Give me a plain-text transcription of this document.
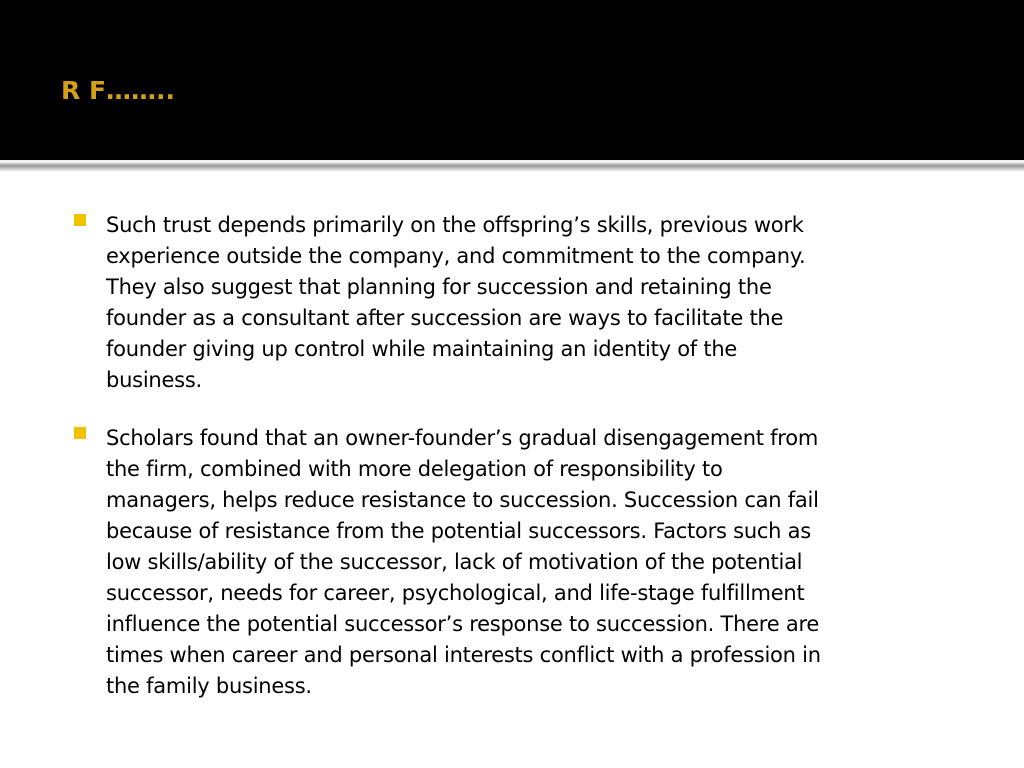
R F……..
Such trust depends primarily on the offspring’s skills, previous work
experience outside the company, and commitment to the company.
They also suggest that planning for succession and retaining the
founder as a consultant after succession are ways to facilitate the
founder giving up control while maintaining an identity of the
business.
Scholars found that an owner-founder’s gradual disengagement from
the firm, combined with more delegation of responsibility to
managers, helps reduce resistance to succession. Succession can fail
because of resistance from the potential successors. Factors such as
low skills/ability of the successor, lack of motivation of the potential
successor, needs for career, psychological, and life-stage fulfillment
influence the potential successor’s response to succession. There are
times when career and personal interests conflict with a profession in
the family business.
